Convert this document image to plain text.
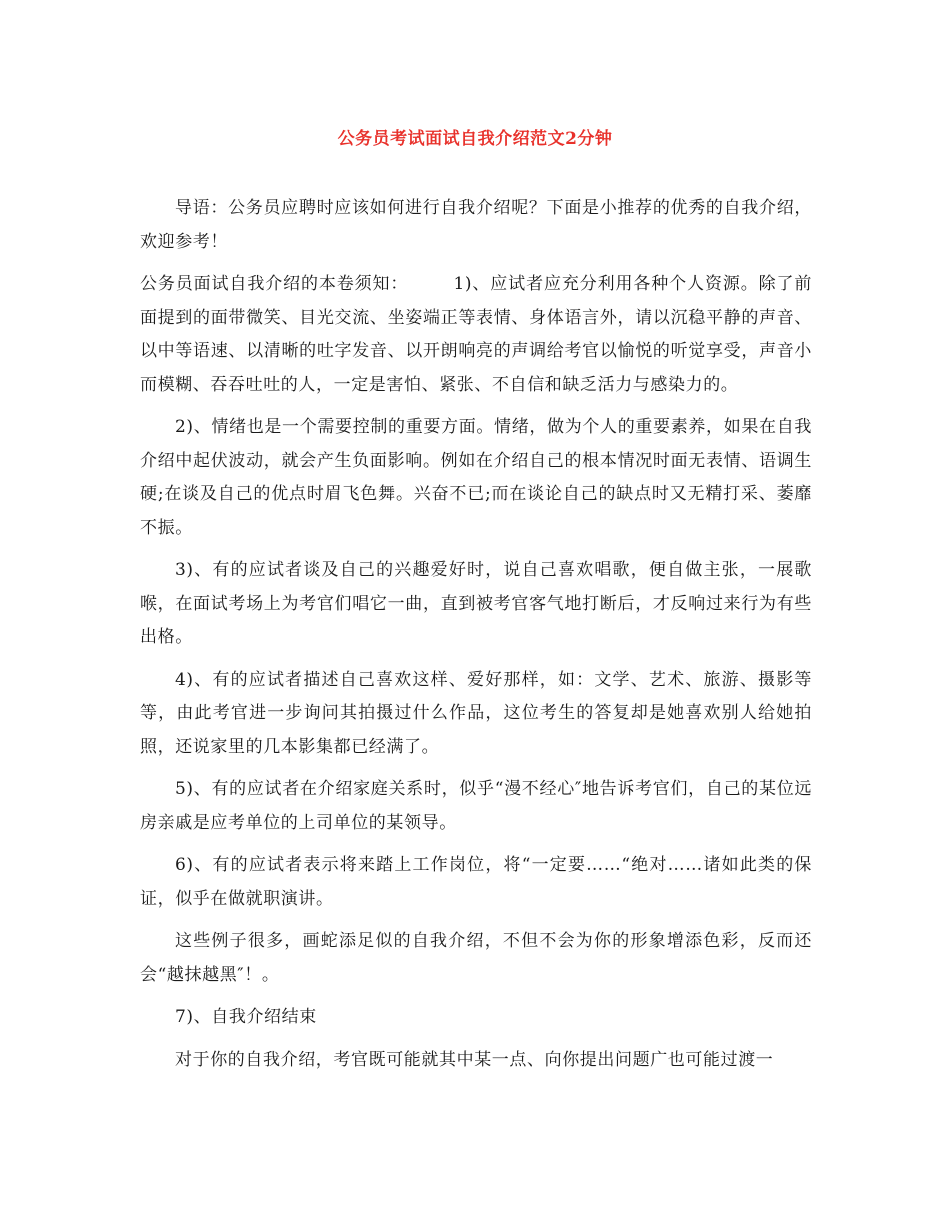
公务员考试面试自我介绍范文2分钟

导语：公务员应聘时应该如何进行自我介绍呢？下面是小推荐的优秀的自我介绍，欢迎参考！

公务员面试自我介绍的本卷须知：　　　1)、应试者应充分利用各种个人资源。除了前面提到的面带微笑、目光交流、坐姿端正等表情、身体语言外，请以沉稳平静的声音、以中等语速、以清晰的吐字发音、以开朗响亮的声调给考官以愉悦的听觉享受，声音小而模糊、吞吞吐吐的人，一定是害怕、紧张、不自信和缺乏活力与感染力的。

2)、情绪也是一个需要控制的重要方面。情绪，做为个人的重要素养，如果在自我介绍中起伏波动，就会产生负面影响。例如在介绍自己的根本情况时面无表情、语调生硬;在谈及自己的优点时眉飞色舞。兴奋不已;而在谈论自己的缺点时又无精打采、萎靡不振。

3)、有的应试者谈及自己的兴趣爱好时，说自己喜欢唱歌，便自做主张，一展歌喉，在面试考场上为考官们唱它一曲，直到被考官客气地打断后，才反响过来行为有些出格。

4)、有的应试者描述自己喜欢这样、爱好那样，如：文学、艺术、旅游、摄影等等，由此考官进一步询问其拍摄过什么作品，这位考生的答复却是她喜欢别人给她拍照，还说家里的几本影集都已经满了。

5)、有的应试者在介绍家庭关系时，似乎“漫不经心″地告诉考官们，自己的某位远房亲戚是应考单位的上司单位的某领导。

6)、有的应试者表示将来踏上工作岗位，将“一定要……“绝对……诸如此类的保证，似乎在做就职演讲。

这些例子很多，画蛇添足似的自我介绍，不但不会为你的形象增添色彩，反而还会“越抹越黑″！。

7)、自我介绍结束

对于你的自我介绍，考官既可能就其中某一点、向你提出问题广也可能过渡一
